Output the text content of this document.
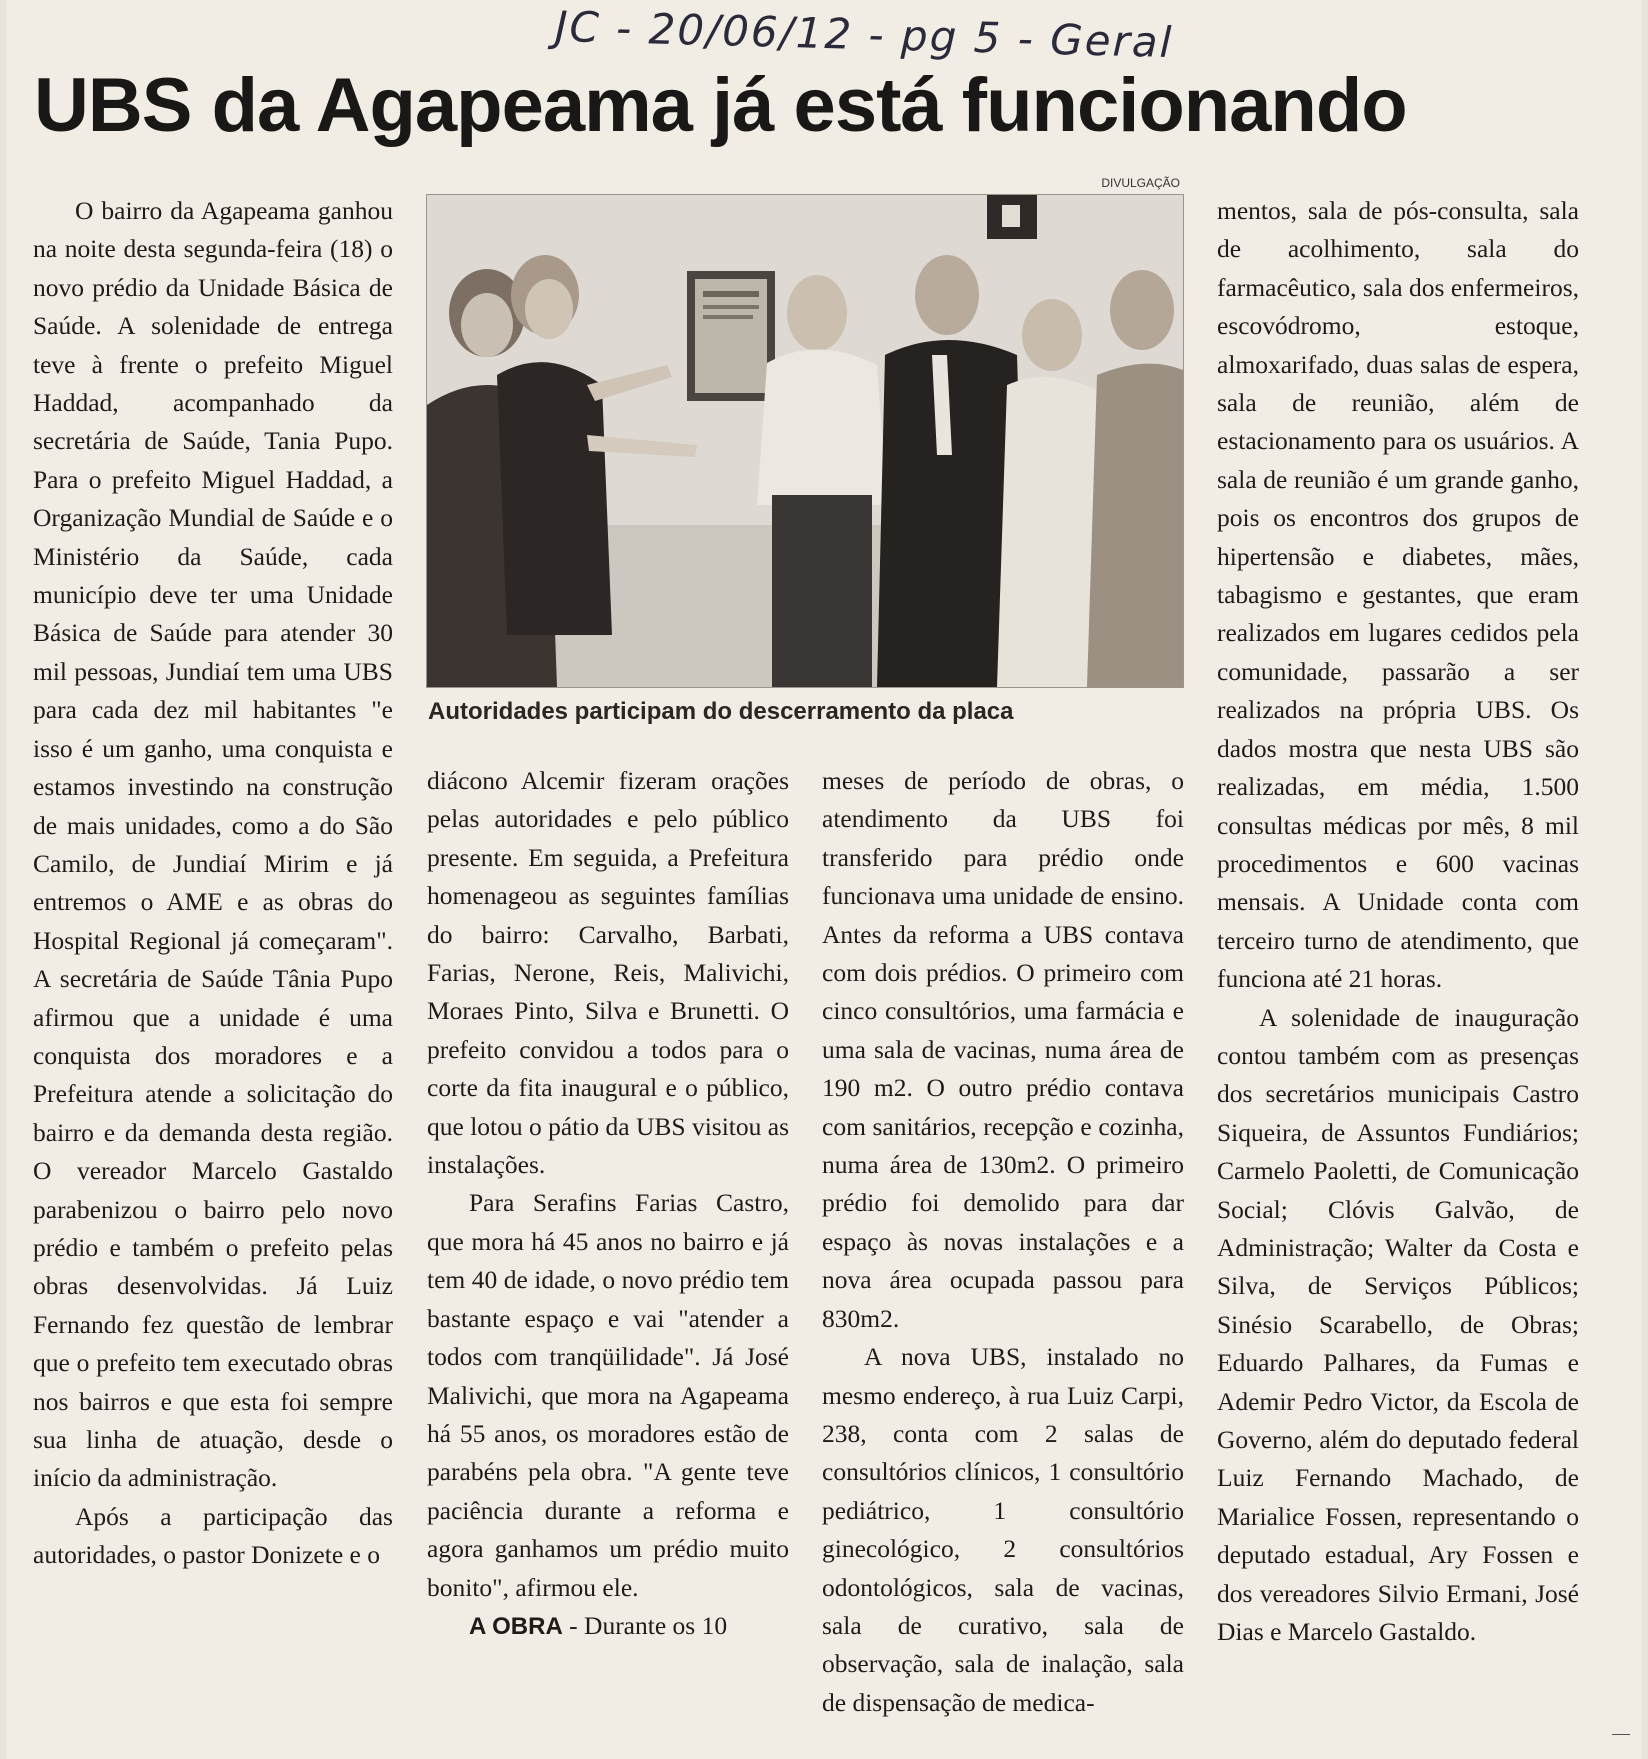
JC - 20/06/12 - pg 5 - Geral
UBS da Agapeama já está funcionando
DIVULGAÇÃO
Autoridades participam do descerramento da placa

O bairro da Agapeama ganhou na noite desta segunda-feira (18) o novo prédio da Unidade Básica de Saúde. A solenidade de entrega teve à frente o prefeito Miguel Haddad, acompanhado da secretária de Saúde, Tania Pupo. Para o prefeito Miguel Haddad, a Organização Mundial de Saúde e o Ministério da Saúde, cada município deve ter uma Unidade Básica de Saúde para atender 30 mil pessoas, Jundiaí tem uma UBS para cada dez mil habitantes "e isso é um ganho, uma conquista e estamos investindo na construção de mais unidades, como a do São Camilo, de Jundiaí Mirim e já entremos o AME e as obras do Hospital Regional já começaram". A secretária de Saúde Tânia Pupo afirmou que a unidade é uma conquista dos moradores e a Prefeitura atende a solicitação do bairro e da demanda desta região. O vereador Marcelo Gastaldo parabenizou o bairro pelo novo prédio e também o prefeito pelas obras desenvolvidas. Já Luiz Fernando fez questão de lembrar que o prefeito tem executado obras nos bairros e que esta foi sempre sua linha de atuação, desde o início da administração.

Após a participação das autoridades, o pastor Donizete e o

diácono Alcemir fizeram orações pelas autoridades e pelo público presente. Em seguida, a Prefeitura homenageou as seguintes famílias do bairro: Carvalho, Barbati, Farias, Nerone, Reis, Malivichi, Moraes Pinto, Silva e Brunetti. O prefeito convidou a todos para o corte da fita inaugural e o público, que lotou o pátio da UBS visitou as instalações.

Para Serafins Farias Castro, que mora há 45 anos no bairro e já tem 40 de idade, o novo prédio tem bastante espaço e vai "atender a todos com tranqüilidade". Já José Malivichi, que mora na Agapeama há 55 anos, os moradores estão de parabéns pela obra. "A gente teve paciência durante a reforma e agora ganhamos um prédio muito bonito", afirmou ele.

A OBRA - Durante os 10

meses de período de obras, o atendimento da UBS foi transferido para prédio onde funcionava uma unidade de ensino. Antes da reforma a UBS contava com dois prédios. O primeiro com cinco consultórios, uma farmácia e uma sala de vacinas, numa área de 190 m2. O outro prédio contava com sanitários, recepção e cozinha, numa área de 130m2. O primeiro prédio foi demolido para dar espaço às novas instalações e a nova área ocupada passou para 830m2.

A nova UBS, instalado no mesmo endereço, à rua Luiz Carpi, 238, conta com 2 salas de consultórios clínicos, 1 consultório pediátrico, 1 consultório ginecológico, 2 consultórios odontológicos, sala de vacinas, sala de curativo, sala de observação, sala de inalação, sala de dispensação de medica-

mentos, sala de pós-consulta, sala de acolhimento, sala do farmacêutico, sala dos enfermeiros, escovódromo, estoque, almoxarifado, duas salas de espera, sala de reunião, além de estacionamento para os usuários. A sala de reunião é um grande ganho, pois os encontros dos grupos de hipertensão e diabetes, mães, tabagismo e gestantes, que eram realizados em lugares cedidos pela comunidade, passarão a ser realizados na própria UBS. Os dados mostra que nesta UBS são realizadas, em média, 1.500 consultas médicas por mês, 8 mil procedimentos e 600 vacinas mensais. A Unidade conta com terceiro turno de atendimento, que funciona até 21 horas.

A solenidade de inauguração contou também com as presenças dos secretários municipais Castro Siqueira, de Assuntos Fundiários; Carmelo Paoletti, de Comunicação Social; Clóvis Galvão, de Administração; Walter da Costa e Silva, de Serviços Públicos; Sinésio Scarabello, de Obras; Eduardo Palhares, da Fumas e Ademir Pedro Victor, da Escola de Governo, além do deputado federal Luiz Fernando Machado, de Marialice Fossen, representando o deputado estadual, Ary Fossen e dos vereadores Silvio Ermani, José Dias e Marcelo Gastaldo.
